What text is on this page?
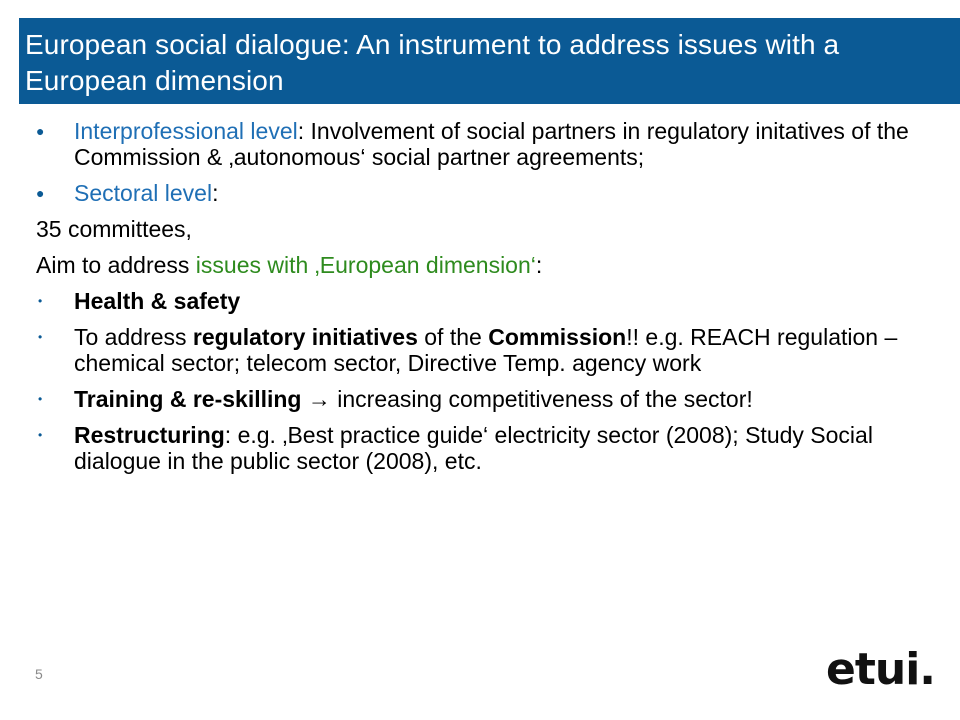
European social dialogue: An instrument to address issues with a European dimension
●	Interprofessional level: Involvement of social partners in regulatory initatives of the Commission & ‚autonomous‘ social partner agreements;
●	Sectoral level:
35 committees,
Aim to address issues with ‚European dimension‘:
•	Health & safety
•	To address regulatory initiatives of the Commission!! e.g. REACH regulation – chemical sector; telecom sector, Directive Temp. agency work
•	Training & re-skilling → increasing competitiveness of the sector!
•	Restructuring: e.g. ‚Best practice guide‘ electricity sector (2008); Study Social dialogue in the public sector (2008), etc.
5	etui.
